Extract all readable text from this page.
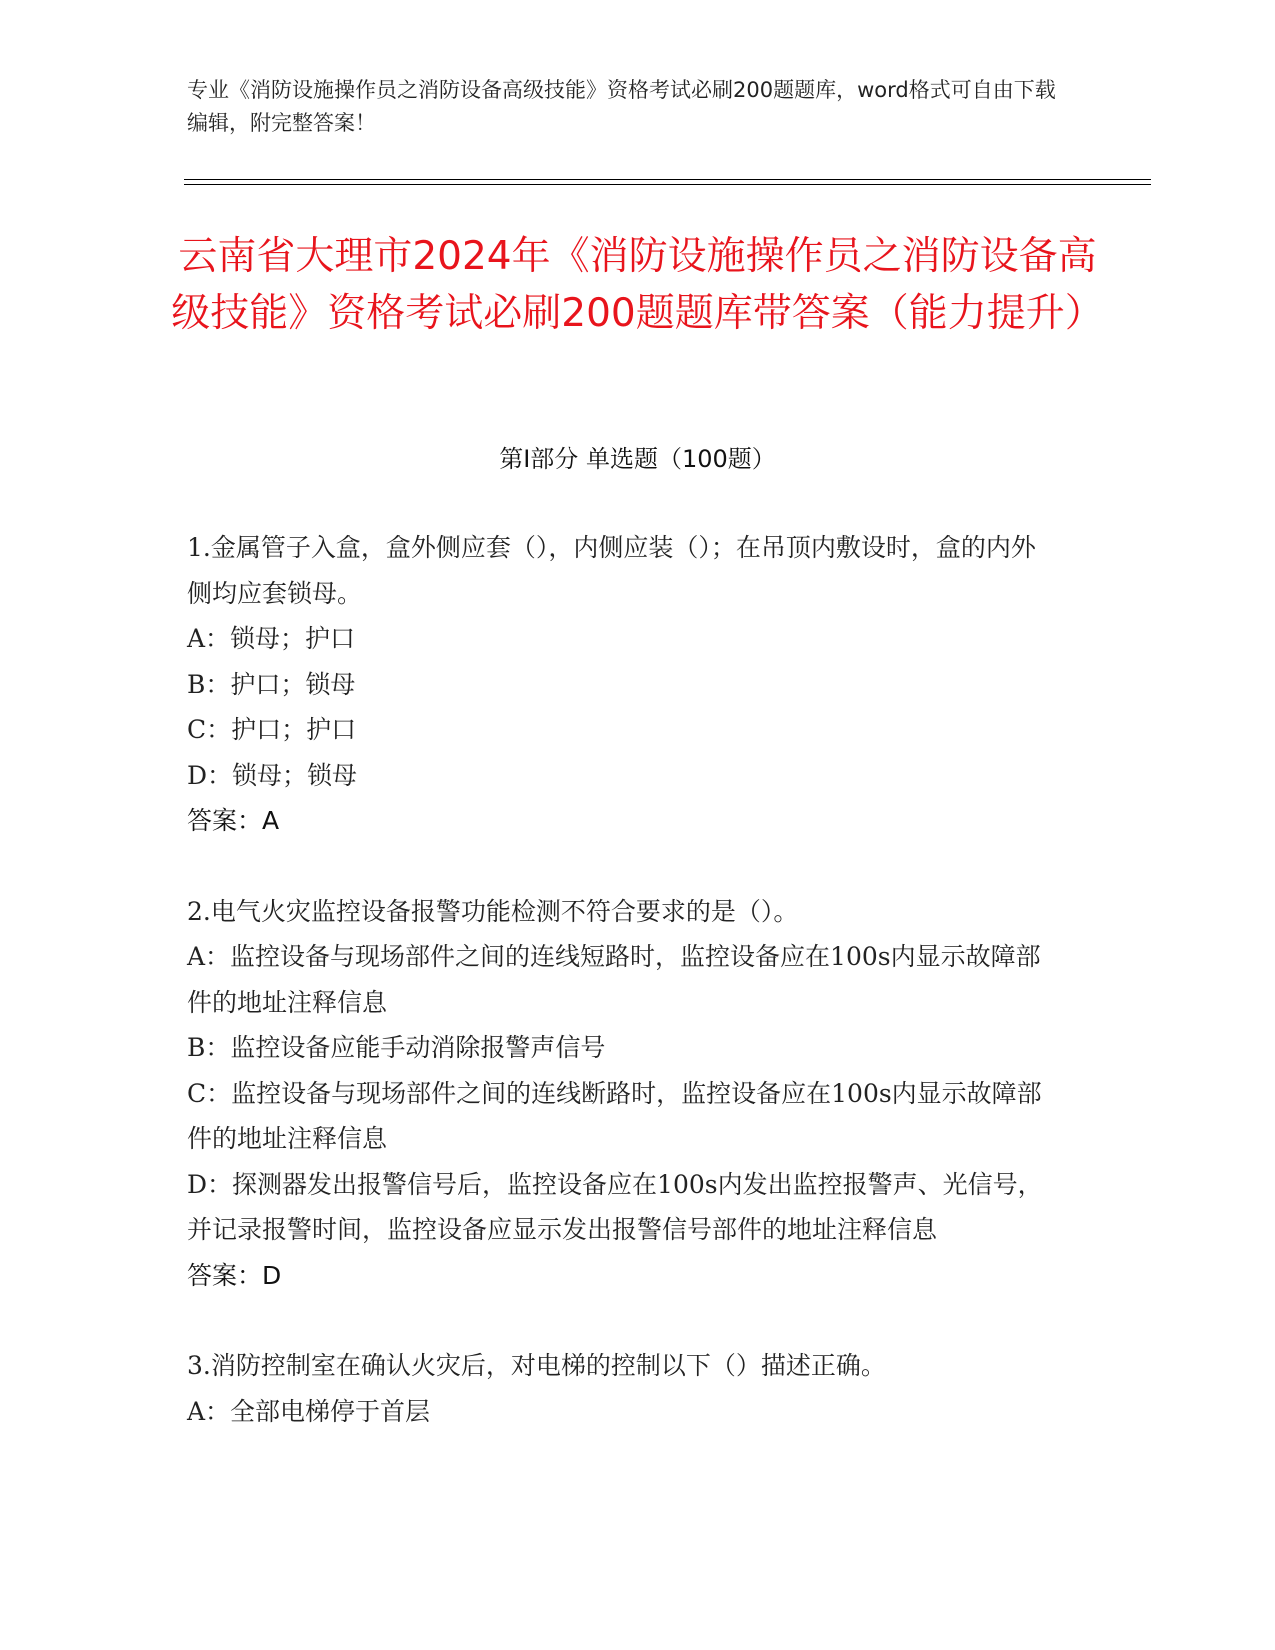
专业《消防设施操作员之消防设备高级技能》资格考试必刷200题题库，word格式可自由下载编辑，附完整答案！
云南省大理市2024年《消防设施操作员之消防设备高级技能》资格考试必刷200题题库带答案（能力提升）
第I部分 单选题（100题）

1.金属管子入盒，盒外侧应套（），内侧应装（）；在吊顶内敷设时，盒的内外侧均应套锁母。

A：锁母；护口

B：护口；锁母

C：护口；护口

D：锁母；锁母

答案：A

2.电气火灾监控设备报警功能检测不符合要求的是（）。

A：监控设备与现场部件之间的连线短路时，监控设备应在100s内显示故障部件的地址注释信息

B：监控设备应能手动消除报警声信号

C：监控设备与现场部件之间的连线断路时，监控设备应在100s内显示故障部件的地址注释信息

D：探测器发出报警信号后，监控设备应在100s内发出监控报警声、光信号，并记录报警时间，监控设备应显示发出报警信号部件的地址注释信息

答案：D

3.消防控制室在确认火灾后，对电梯的控制以下（）描述正确。

A：全部电梯停于首层
